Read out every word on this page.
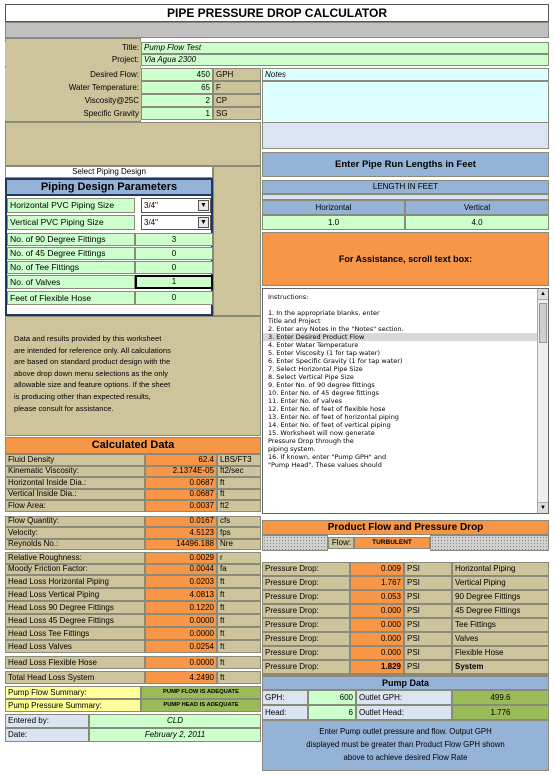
PIPE PRESSURE DROP CALCULATOR
Title: Pump Flow Test
Project: Via Agua 2300
Desired Flow:	450 GPH
Water Temperature:	65 F
Viscosity@25C	2 CP
Specific Gravity	1 SG
Notes
Select Piping Design
Piping Design Parameters
Horizontal PVC Piping Size	3/4"	▼
Vertical PVC Piping Size	3/4"	▼
No. of 90 Degree Fittings	3
No. of 45 Degree Fittings	0
No. of Tee Fittings	0
No. of Valves	1
Feet of Flexible Hose	0
Enter Pipe Run Lengths in Feet
LENGTH IN FEET
Horizontal	Vertical
1.0	4.0
For Assistance, scroll text box:
Instructions:

1. In the appropriate blanks, enter
Title and Project
2. Enter any Notes in the "Notes" section.
3. Enter Desired Product Flow
4. Enter Water Temperature
5. Enter Viscosity (1 for tap water)
6. Enter Specific Gravity (1 for tap water)
7. Select Horizontal Pipe Size
8. Select Vertical Pipe Size
9. Enter No. of 90 degree fittings
10. Enter No. of 45 degree fittings
11. Enter No. of valves
12. Enter No. of feet of flexible hose
13. Enter No. of feet of horizontal piping
14. Enter No. of feet of vertical piping
15. Worksheet will now generate
Pressure Drop through the
piping system.
16. If known, enter "Pump GPH" and
"Pump Head". These values should
▲
▼
Data and results provided by this worksheet
are intended for reference only. All calculations
are based on standard product design with the
above drop down menu selections as the only
allowable size and feature options. If the sheet
is producing other than expected results,
please consult for assistance.
Calculated Data
Fluid Density	62.4 LBS/FT3
Kinematic Viscosity:	2.1374E-05 ft2/sec
Horizontal Inside Dia.:	0.0687 ft
Vertical Inside Dia.:	0.0687 ft
Flow Area:	0.0037 ft2
Flow Quantity:	0.0167 cfs
Velocity:	4.5123 fps
Reynolds No.:	14496.188 Nre
Relative Roughness:	0.0029 r
Moody Friction Factor:	0.0044 fa
Head Loss Horizontal Piping	0.0203 ft
Head Loss Vertical Piping	4.0813 ft
Head Loss 90 Degree Fittings	0.1220 ft
Head Loss 45 Degree Fittings	0.0000 ft
Head Loss Tee Fittings	0.0000 ft
Head Loss Valves	0.0254 ft
Head Loss Flexible Hose	0.0000 ft
Total Head Loss System	4.2490 ft
Pump Flow Summary:	PUMP FLOW IS ADEQUATE
Pump Pressure Summary:	PUMP HEAD IS ADEQUATE
Entered by:	CLD
Date:	February 2, 2011
Product Flow and Pressure Drop
Flow:	TURBULENT
Pressure Drop:	0.009 PSI	Horizontal Piping
Pressure Drop:	1.767 PSI	Vertical Piping
Pressure Drop:	0.053 PSI	90 Degree Fittings
Pressure Drop:	0.000 PSI	45 Degree Fittings
Pressure Drop:	0.000 PSI	Tee Fittings
Pressure Drop:	0.000 PSI	Valves
Pressure Drop:	0.000 PSI	Flexible Hose
Pressure Drop:	1.829 PSI	System
Pump Data
GPH:	600 Outlet GPH:	499.6
Head:	6 Outlet Head:	1.776
Enter Pump outlet pressure and flow. Output GPH
displayed must be greater than Product Flow GPH shown
above to achieve desired Flow Rate
